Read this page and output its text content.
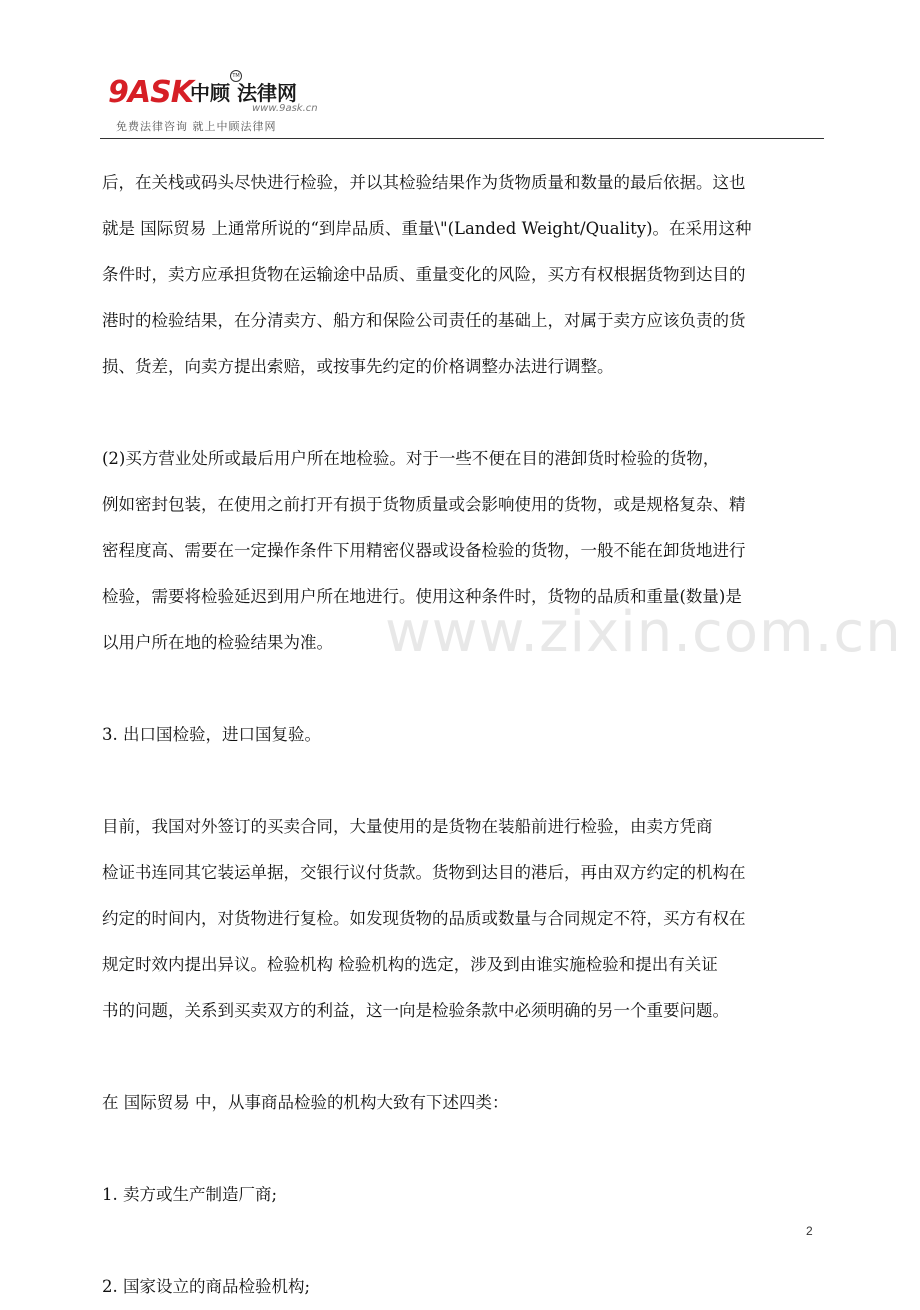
9ASK
中顾 法律网
TM
www.9ask.cn
免费法律咨询 就上中顾法律网
www.zixin.com.cn
后，在关栈或码头尽快进行检验，并以其检验结果作为货物质量和数量的最后依据。这也
就是 国际贸易 上通常所说的“到岸品质、重量\"(Landed Weight/Quality)。在采用这种
条件时，卖方应承担货物在运输途中品质、重量变化的风险，买方有权根据货物到达目的
港时的检验结果，在分清卖方、船方和保险公司责任的基础上，对属于卖方应该负责的货
损、货差，向卖方提出索赔，或按事先约定的价格调整办法进行调整。
(2)买方营业处所或最后用户所在地检验。对于一些不便在目的港卸货时检验的货物，
例如密封包装，在使用之前打开有损于货物质量或会影响使用的货物，或是规格复杂、精
密程度高、需要在一定操作条件下用精密仪器或设备检验的货物，一般不能在卸货地进行
检验，需要将检验延迟到用户所在地进行。使用这种条件时，货物的品质和重量(数量)是
以用户所在地的检验结果为准。
3. 出口国检验，进口国复验。
目前，我国对外签订的买卖合同，大量使用的是货物在装船前进行检验，由卖方凭商
检证书连同其它装运单据，交银行议付货款。货物到达目的港后，再由双方约定的机构在
约定的时间内，对货物进行复检。如发现货物的品质或数量与合同规定不符，买方有权在
规定时效内提出异议。检验机构 检验机构的选定，涉及到由谁实施检验和提出有关证
书的问题，关系到买卖双方的利益，这一向是检验条款中必须明确的另一个重要问题。
在 国际贸易 中，从事商品检验的机构大致有下述四类：
1. 卖方或生产制造厂商;
2. 国家设立的商品检验机构;
2
